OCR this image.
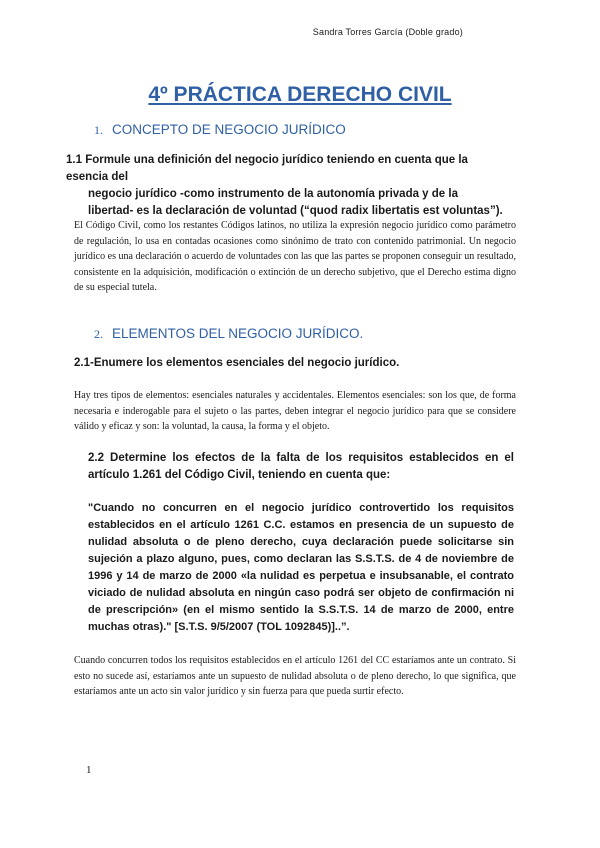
Sandra Torres García (Doble grado)
4º PRÁCTICA DERECHO CIVIL
1. CONCEPTO DE NEGOCIO JURÍDICO
1.1 Formule una definición del negocio jurídico teniendo en cuenta que la esencia del
negocio jurídico -como instrumento de la autonomía privada y de la libertad- es la declaración de voluntad (“quod radix libertatis est voluntas”).

El Código Civil, como los restantes Códigos latinos, no utiliza la expresión negocio jurídico como parámetro de regulación, lo usa en contadas ocasiones como sinónimo de trato con contenido patrimonial. Un negocio jurídico es una declaración o acuerdo de voluntades con las que las partes se proponen conseguir un resultado, consistente en la adquisición, modificación o extinción de un derecho subjetivo, que el Derecho estima digno de su especial tutela.

2. ELEMENTOS DEL NEGOCIO JURÍDICO.
2.1-Enumere los elementos esenciales del negocio jurídico.

Hay tres tipos de elementos: esenciales naturales y accidentales. Elementos esenciales: son los que, de forma necesaria e inderogable para el sujeto o las partes, deben integrar el negocio jurídico para que se considere válido y eficaz y son: la voluntad, la causa, la forma y el objeto.

2.2 Determine los efectos de la falta de los requisitos establecidos en el artículo 1.261 del Código Civil, teniendo en cuenta que:
"Cuando no concurren en el negocio jurídico controvertido los requisitos establecidos en el artículo 1261 C.C. estamos en presencia de un supuesto de nulidad absoluta o de pleno derecho, cuya declaración puede solicitarse sin sujeción a plazo alguno, pues, como declaran las S.S.T.S. de 4 de noviembre de 1996 y 14 de marzo de 2000 «la nulidad es perpetua e insubsanable, el contrato viciado de nulidad absoluta en ningún caso podrá ser objeto de confirmación ni de prescripción» (en el mismo sentido la S.S.T.S. 14 de marzo de 2000, entre muchas otras)." [S.T.S. 9/5/2007 (TOL 1092845)]..”.

Cuando concurren todos los requisitos establecidos en el artículo 1261 del CC estaríamos ante un contrato. Si esto no sucede así, estaríamos ante un supuesto de nulidad absoluta o de pleno derecho, lo que significa, que estaríamos ante un acto sin valor jurídico y sin fuerza para que pueda surtir efecto.

1
